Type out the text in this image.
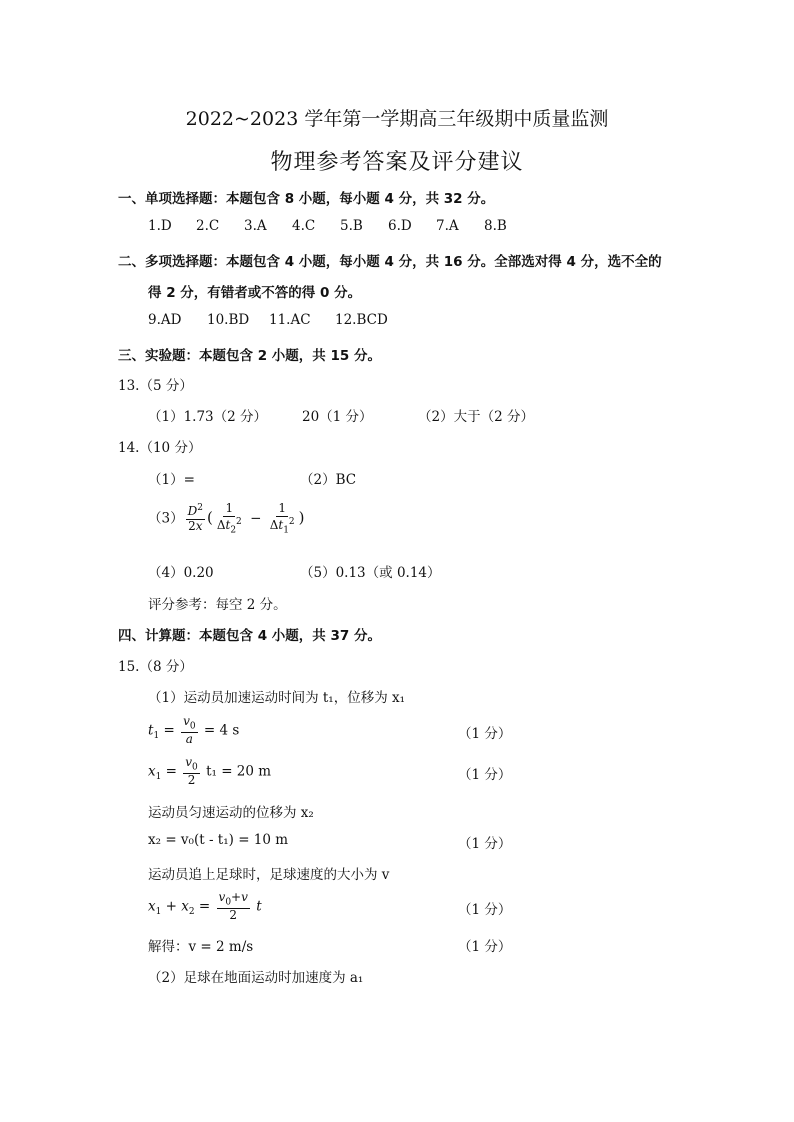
2022~2023 学年第一学期高三年级期中质量监测
物理参考答案及评分建议
一、单项选择题：本题包含 8 小题，每小题 4 分，共 32 分。
1.D 2.C 3.A 4.C 5.B 6.D 7.A 8.B
二、多项选择题：本题包含 4 小题，每小题 4 分，共 16 分。全部选对得 4 分，选不全的
得 2 分，有错者或不答的得 0 分。
9.AD 10.BD 11.AC 12.BCD
三、实验题：本题包含 2 小题，共 15 分。
13.（5 分）
（1）1.73（2 分）	20（1 分）	（2）大于（2 分）
14.（10 分）
（1）=	（2）BC
$(3) \frac{D^2}{2x}$ ( $\frac{1}{\Delta t_2^2} - \frac{1}{\Delta t_1^2}$ )
（4）0.20	（5）0.13（或 0.14）
评分参考：每空 2 分。
四、计算题：本题包含 4 小题，共 37 分。
15.（8 分）
（1）运动员加速运动时间为 t₁，位移为 x₁
$t_1 = \frac{v_0}{a} = 4$ s	（1 分）
$x_1 = \frac{v_0}{2} t_1 = 20$ m	（1 分）
运动员匀速运动的位移为 x₂
x₂ = v₀(t - t₁) = 10 m	（1 分）
运动员追上足球时，足球速度的大小为 v
$x_1 + x_2 = \frac{v_0+v}{2}$ t	（1 分）
解得：v = 2 m/s	（1 分）
（2）足球在地面运动时加速度为 a₁
